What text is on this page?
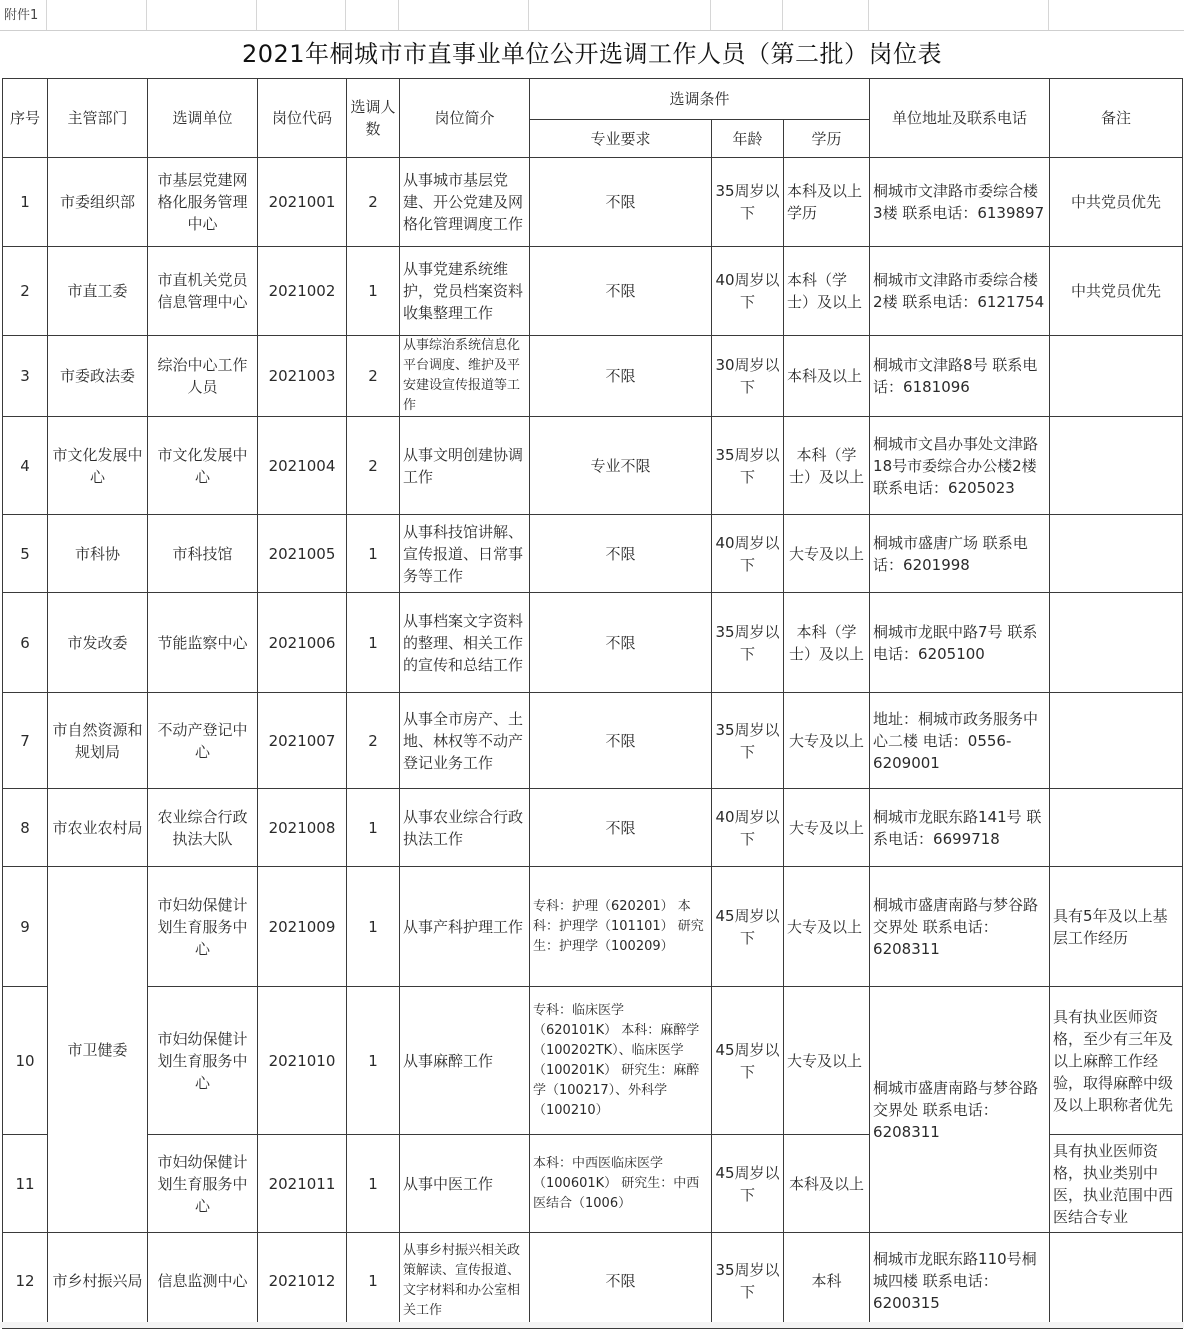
附件1
2021年桐城市市直事业单位公开选调工作人员（第二批）岗位表
序号	主管部门	选调单位	岗位代码	选调人数	岗位简介	选调条件			单位地址及联系电话	备注
						专业要求	年龄	学历		
1	市委组织部	市基层党建网格化服务管理中心	2021001	2	从事城市基层党建、开公党建及网格化管理调度工作	不限	35周岁以下	本科及以上学历	桐城市文津路市委综合楼3楼 联系电话：6139897	中共党员优先
2	市直工委	市直机关党员信息管理中心	2021002	1	从事党建系统维护，党员档案资料收集整理工作	不限	40周岁以下	本科（学士）及以上	桐城市文津路市委综合楼2楼 联系电话：6121754	中共党员优先
3	市委政法委	综治中心工作人员	2021003	2	从事综治系统信息化平台调度、维护及平安建设宣传报道等工作	不限	30周岁以下	本科及以上	桐城市文津路8号 联系电话：6181096	
4	市文化发展中心	市文化发展中心	2021004	2	从事文明创建协调工作	专业不限	35周岁以下	本科（学士）及以上	桐城市文昌办事处文津路18号市委综合办公楼2楼 联系电话：6205023	
5	市科协	市科技馆	2021005	1	从事科技馆讲解、宣传报道、日常事务等工作	不限	40周岁以下	大专及以上	桐城市盛唐广场 联系电话：6201998	
6	市发改委	节能监察中心	2021006	1	从事档案文字资料的整理、相关工作的宣传和总结工作	不限	35周岁以下	本科（学士）及以上	桐城市龙眠中路7号 联系电话：6205100	
7	市自然资源和规划局	不动产登记中心	2021007	2	从事全市房产、土地、林权等不动产登记业务工作	不限	35周岁以下	大专及以上	地址：桐城市政务服务中心二楼 电话：0556-6209001	
8	市农业农村局	农业综合行政执法大队	2021008	1	从事农业综合行政执法工作	不限	40周岁以下	大专及以上	桐城市龙眠东路141号 联系电话：6699718	
9	市卫健委	市妇幼保健计划生育服务中心	2021009	1	从事产科护理工作	专科：护理（620201） 本科：护理学（101101） 研究生：护理学（100209）	45周岁以下	大专及以上	桐城市盛唐南路与梦谷路交界处 联系电话：6208311	具有5年及以上基层工作经历
10		市妇幼保健计划生育服务中心	2021010	1	从事麻醉工作	专科：临床医学（620101K） 本科：麻醉学（100202TK）、临床医学（100201K） 研究生：麻醉学（100217）、外科学（100210）	45周岁以下	大专及以上	桐城市盛唐南路与梦谷路交界处 联系电话：6208311	具有执业医师资格，至少有三年及以上麻醉工作经验，取得麻醉中级及以上职称者优先
11		市妇幼保健计划生育服务中心	2021011	1	从事中医工作	本科：中西医临床医学（100601K） 研究生：中西医结合（1006）	45周岁以下	本科及以上		具有执业医师资格，执业类别中医，执业范围中西医结合专业
12	市乡村振兴局	信息监测中心	2021012	1	从事乡村振兴相关政策解读、宣传报道、文字材料和办公室相关工作	不限	35周岁以下	本科	桐城市龙眠东路110号桐城四楼 联系电话：6200315	
